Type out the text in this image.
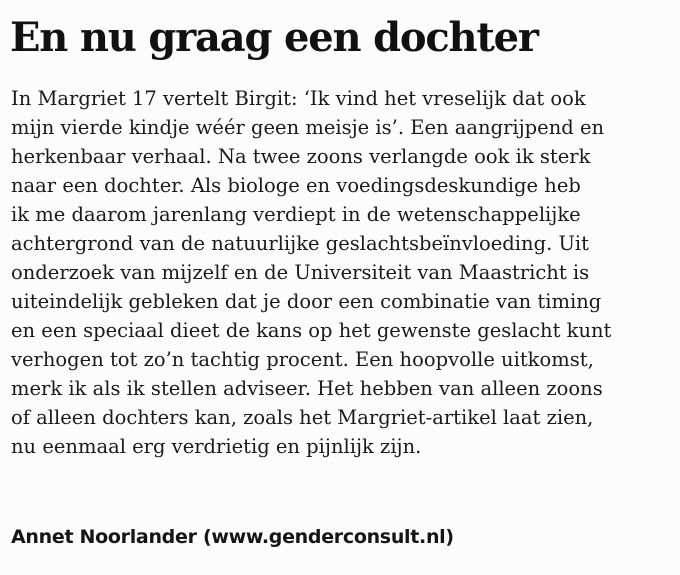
En nu graag een dochter
In Margriet 17 vertelt Birgit: ‘Ik vind het vreselijk dat ook
mijn vierde kindje wéér geen meisje is’. Een aangrijpend en
herkenbaar verhaal. Na twee zoons verlangde ook ik sterk
naar een dochter. Als biologe en voedingsdeskundige heb
ik me daarom jarenlang verdiept in de wetenschappelijke
achtergrond van de natuurlijke geslachtsbeïnvloeding. Uit
onderzoek van mijzelf en de Universiteit van Maastricht is
uiteindelijk gebleken dat je door een combinatie van timing
en een speciaal dieet de kans op het gewenste geslacht kunt
verhogen tot zo’n tachtig procent. Een hoopvolle uitkomst,
merk ik als ik stellen adviseer. Het hebben van alleen zoons
of alleen dochters kan, zoals het Margriet-artikel laat zien,
nu eenmaal erg verdrietig en pijnlijk zijn.
Annet Noorlander (www.genderconsult.nl)
